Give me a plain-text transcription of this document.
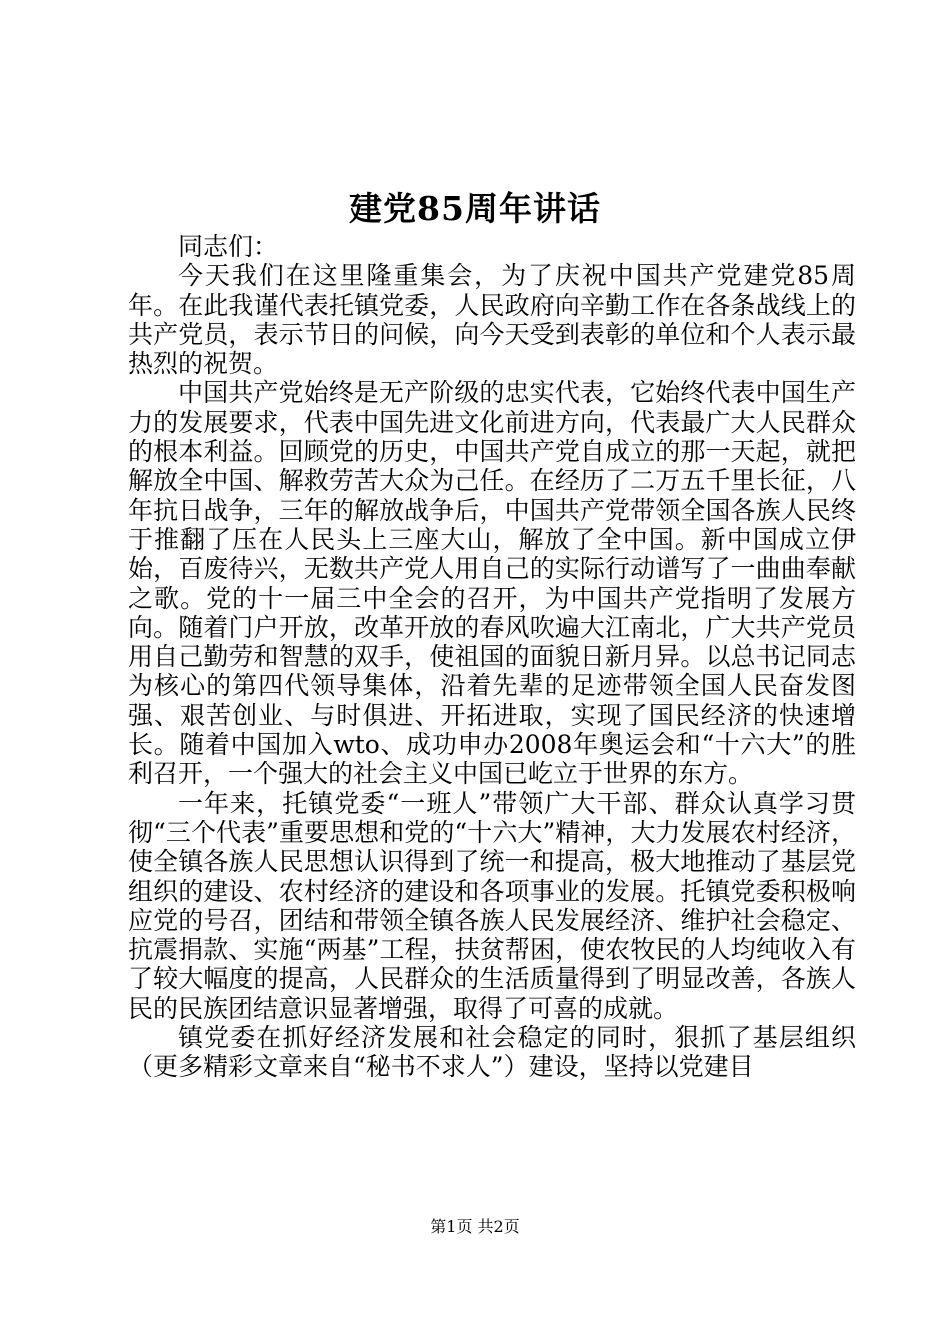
建党85周年讲话

同志们：

今天我们在这里隆重集会，为了庆祝中国共产党建党85周年。在此我谨代表托镇党委，人民政府向辛勤工作在各条战线上的共产党员，表示节日的问候，向今天受到表彰的单位和个人表示最热烈的祝贺。

中国共产党始终是无产阶级的忠实代表，它始终代表中国生产力的发展要求，代表中国先进文化前进方向，代表最广大人民群众的根本利益。回顾党的历史，中国共产党自成立的那一天起，就把解放全中国、解救劳苦大众为己任。在经历了二万五千里长征，八年抗日战争，三年的解放战争后，中国共产党带领全国各族人民终于推翻了压在人民头上三座大山，解放了全中国。新中国成立伊始，百废待兴，无数共产党人用自己的实际行动谱写了一曲曲奉献之歌。党的十一届三中全会的召开，为中国共产党指明了发展方向。随着门户开放，改革开放的春风吹遍大江南北，广大共产党员用自己勤劳和智慧的双手，使祖国的面貌日新月异。以总书记同志为核心的第四代领导集体，沿着先辈的足迹带领全国人民奋发图强、艰苦创业、与时俱进、开拓进取，实现了国民经济的快速增长。随着中国加入wto、成功申办2008年奥运会和“十六大”的胜利召开，一个强大的社会主义中国已屹立于世界的东方。

一年来，托镇党委“一班人”带领广大干部、群众认真学习贯彻“三个代表”重要思想和党的“十六大”精神，大力发展农村经济，使全镇各族人民思想认识得到了统一和提高，极大地推动了基层党组织的建设、农村经济的建设和各项事业的发展。托镇党委积极响应党的号召，团结和带领全镇各族人民发展经济、维护社会稳定、抗震捐款、实施“两基”工程，扶贫帮困，使农牧民的人均纯收入有了较大幅度的提高，人民群众的生活质量得到了明显改善，各族人民的民族团结意识显著增强，取得了可喜的成就。

镇党委在抓好经济发展和社会稳定的同时，狠抓了基层组织（更多精彩文章来自“秘书不求人”）建设，坚持以党建目

第1页 共2页
